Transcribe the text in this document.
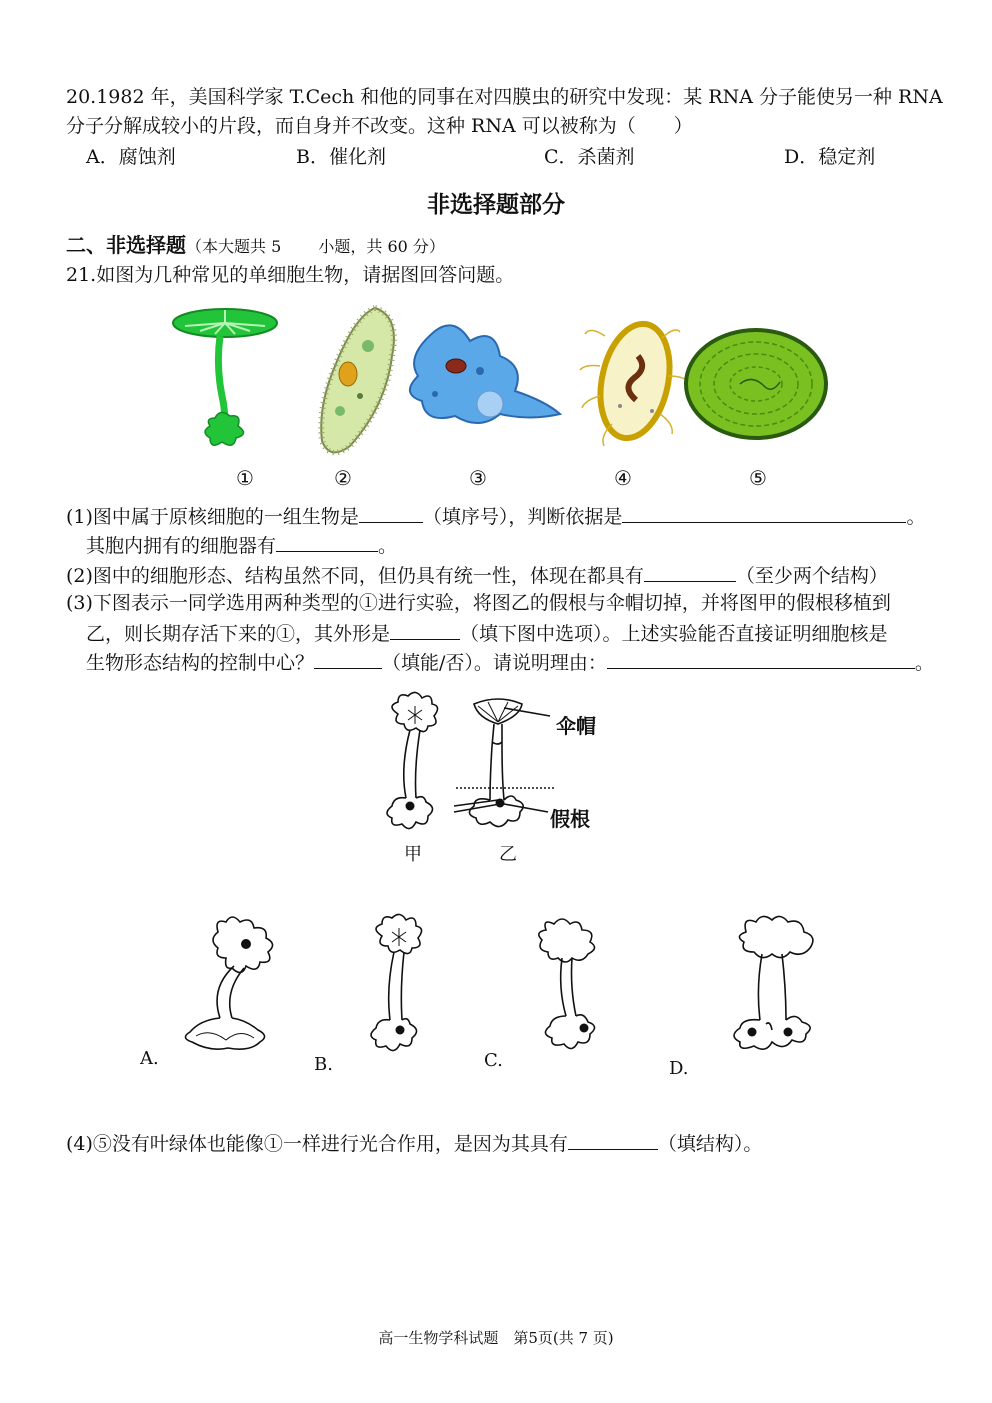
20.1982 年，美国科学家 T.Cech 和他的同事在对四膜虫的研究中发现：某 RNA 分子能使另一种 RNA
分子分解成较小的片段，而自身并不改变。这种 RNA 可以被称为（　　）
A．腐蚀剂	B．催化剂	C．杀菌剂	D．稳定剂
非选择题部分
二、非选择题（本大题共 5　　 小题，共 60 分）
21.如图为几种常见的单细胞生物，请据图回答问题。
①	②	③	④	⑤
(1)图中属于原核细胞的一组生物是	（填序号），判断依据是	。
其胞内拥有的细胞器有	。
(2)图中的细胞形态、结构虽然不同，但仍具有统一性，体现在都具有	（至少两个结构）
(3)下图表示一同学选用两种类型的①进行实验，将图乙的假根与伞帽切掉，并将图甲的假根移植到
乙，则长期存活下来的①，其外形是	（填下图中选项）。上述实验能否直接证明细胞核是
生物形态结构的控制中心？	（填能/否）。请说明理由：	。
伞帽
假根
甲	乙
A.	B.	C.	D.
(4)⑤没有叶绿体也能像①一样进行光合作用，是因为其具有	（填结构）。
高一生物学科试题　第5页(共 7 页)
